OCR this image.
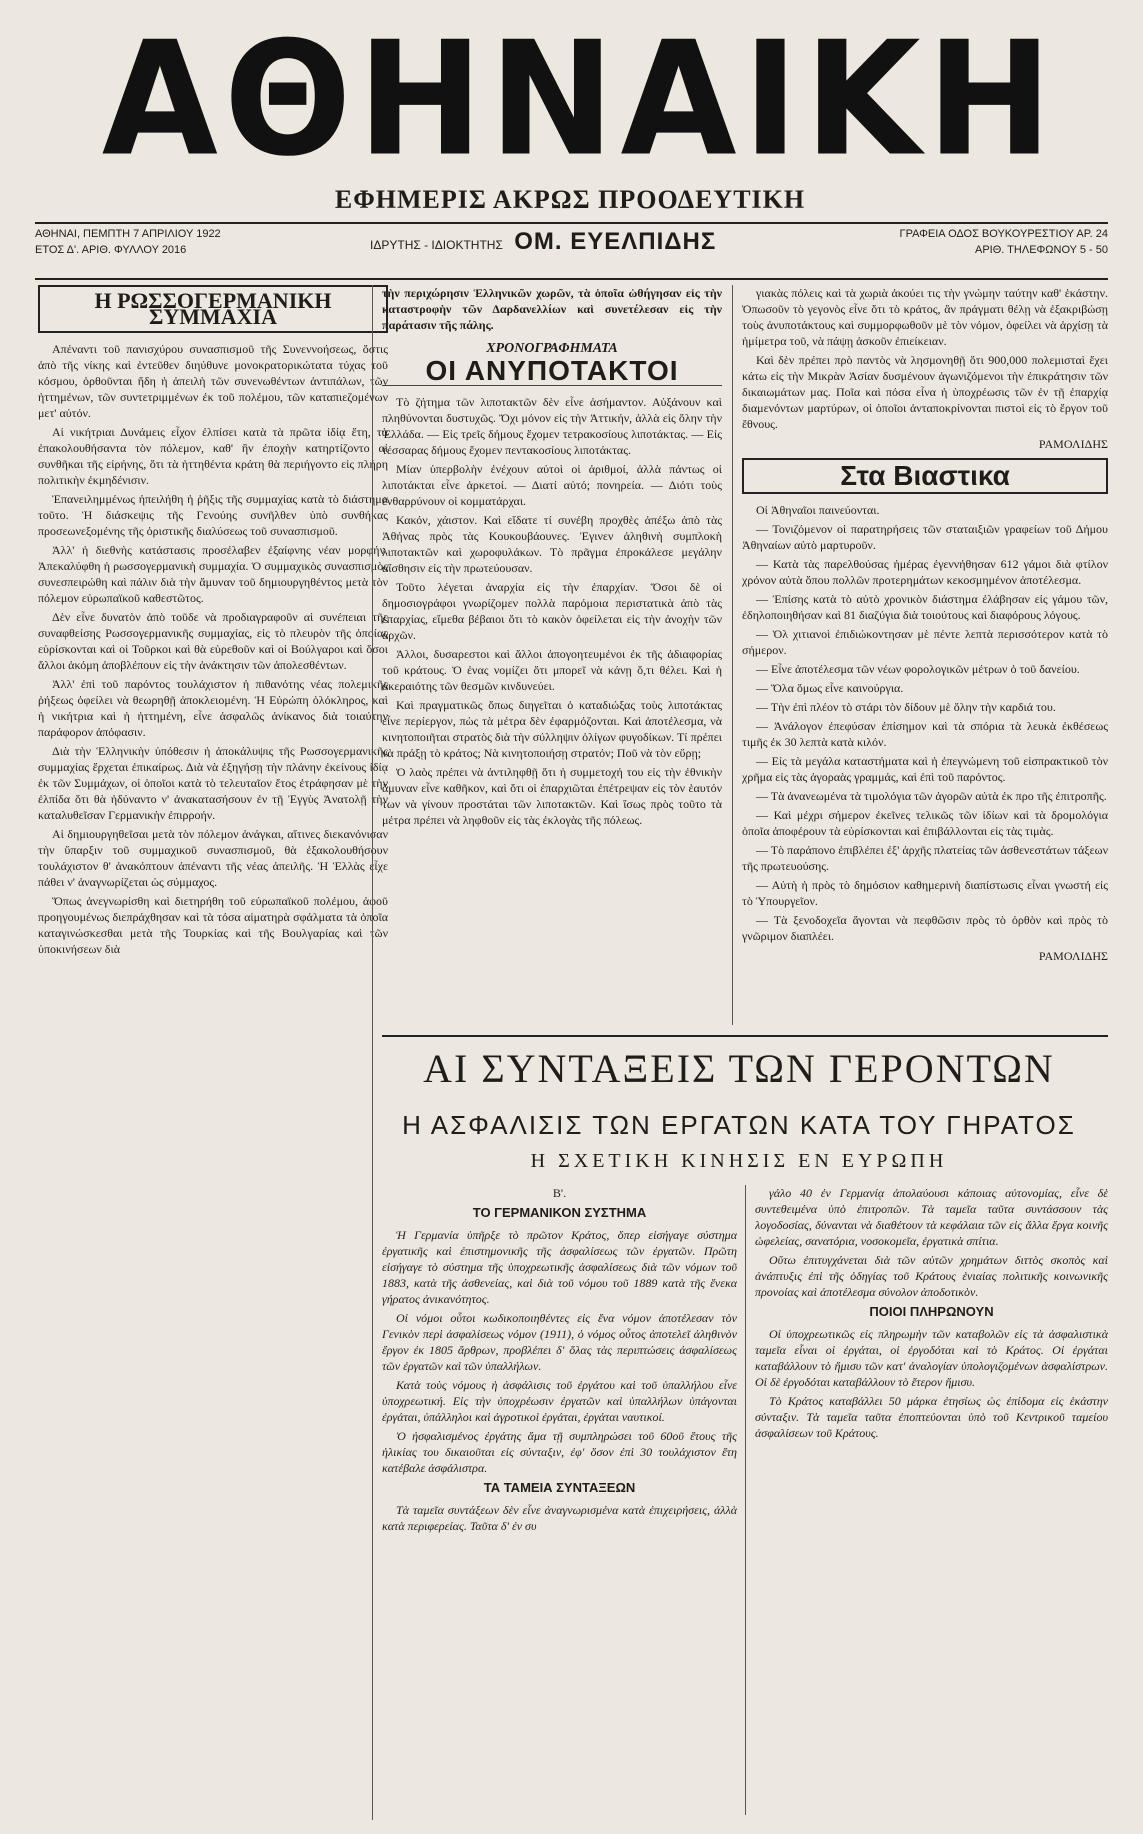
ΑΘΗΝΑΙΚΗ
ΕΦΗΜΕΡΙΣ ΑΚΡΩΣ ΠΡΟΟΔΕΥΤΙΚΗ
ΑΘΗΝΑΙ, ΠΕΜΠΤΗ 7 ΑΠΡΙΛΙΟΥ 1922
ΕΤΟΣ Δ'. ΑΡΙΘ. ΦΥΛΛΟΥ 2016	ΙΔΡΥΤΗΣ - ΙΔΙΟΚΤΗΤΗΣ ΟΜ. ΕΥΕΛΠΙΔΗΣ	ΓΡΑΦΕΙΑ ΟΔΟΣ ΒΟΥΚΟΥΡΕΣΤΙΟΥ ΑΡ. 24
ΑΡΙΘ. ΤΗΛΕΦΩΝΟΥ 5 - 50
Η ΡΩΣΣΟΓΕΡΜΑΝΙΚΗ ΣΥΜΜΑΧΙΑ

Απέναντι τοῦ πανισχύρου συνασπισμοῦ τῆς Συνεννοήσεως, ὅστις ἀπὸ τῆς νίκης καὶ ἐντεῦθεν διηύθυνε μονοκρατορικώτατα τύχας τοῦ κόσμου, ὀρθοῦνται ἤδη ἡ ἀπειλὴ τῶν συνενωθέντων ἀντιπάλων, τῶν ἡττημένων, τῶν συντετριμμένων ἐκ τοῦ πολέμου, τῶν καταπιεζομένων μετ' αὐτόν.

Αἱ νικήτριαι Δυνάμεις εἶχον ἐλπίσει κατὰ τὰ πρῶτα ἰδίᾳ ἔτη, τὰ ἐπακολουθήσαντα τὸν πόλεμον, καθ' ἣν ἐποχὴν κατηρτίζοντο αἱ συνθῆκαι τῆς εἰρήνης, ὅτι τὰ ἡττηθέντα κράτη θὰ περιήγοντο εἰς πλήρη πολιτικὴν ἐκμηδένισιν.

Ἐπανειλημμένως ἠπειλήθη ἡ ῥῆξις τῆς συμμαχίας κατὰ τὸ διάστημα τοῦτο. Ἡ διάσκεψις τῆς Γενούης συνῆλθεν ὑπὸ συνθήκας προσεωνεξομένης τῆς ὁριστικῆς διαλύσεως τοῦ συνασπισμοῦ.

Ἀλλ' ἡ διεθνὴς κατάστασις προσέλαβεν ἐξαίφνης νέαν μορφήν. Ἀπεκαλύφθη ἡ ρωσσογερμανικὴ συμμαχία. Ὁ συμμαχικὸς συνασπισμὸς συνεσπειρώθη καὶ πάλιν διὰ τὴν ἄμυναν τοῦ δημιουργηθέντος μετὰ τὸν πόλεμον εὐρωπαϊκοῦ καθεστῶτος.

Δὲν εἶνε δυνατὸν ἀπὸ τοῦδε νὰ προδιαγραφοῦν αἱ συνέπειαι τῆς συναφθείσης Ρωσσογερμανικῆς συμμαχίας, εἰς τὸ πλευρὸν τῆς ὁποίας εὑρίσκονται καὶ οἱ Τοῦρκοι καὶ θὰ εὑρεθοῦν καὶ οἱ Βούλγαροι καὶ ὅσοι ἄλλοι ἀκόμη ἀποβλέπουν εἰς τὴν ἀνάκτησιν τῶν ἀπολεσθέντων.

Ἀλλ' ἐπὶ τοῦ παρόντος τουλάχιστον ἡ πιθανότης νέας πολεμικῆς ῥήξεως ὀφείλει νὰ θεωρηθῇ ἀποκλειομένη. Ἡ Εὐρώπη ὁλόκληρος, καὶ ἡ νικήτρια καὶ ἡ ἡττημένη, εἶνε ἀσφαλῶς ἀνίκανος διὰ τοιαύτην παράφορον ἀπόφασιν.

Διὰ τὴν Ἑλληνικὴν ὑπόθεσιν ἡ ἀποκάλυψις τῆς Ρωσσογερμανικῆς συμμαχίας ἔρχεται ἐπικαίρως. Διὰ νὰ ἐξηγήσῃ τὴν πλάνην ἐκείνους ἰδίᾳ ἐκ τῶν Συμμάχων, οἱ ὁποῖοι κατὰ τὸ τελευταῖον ἔτος ἐτράφησαν μὲ τὴν ἐλπίδα ὅτι θὰ ἠδύναντο ν' ἀνακατασήσουν ἐν τῇ Ἐγγὺς Ἀνατολῇ τὴν καταλυθεῖσαν Γερμανικὴν ἐπιρροήν.

Αἱ δημιουργηθεῖσαι μετὰ τὸν πόλεμον ἀνάγκαι, αἵτινες διεκανόνισαν τὴν ὕπαρξιν τοῦ συμμαχικοῦ συνασπισμοῦ, θὰ ἐξακολουθήσουν τουλάχιστον θ' ἀνακόπτουν ἀπέναντι τῆς νέας ἀπειλῆς. Ἡ Ἑλλὰς εἶχε πάθει ν' ἀναγνωρίζεται ὡς σύμμαχος.

Ὅπως ἀνεγνωρίσθη καὶ διετηρήθη τοῦ εὐρωπαϊκοῦ πολέμου, ἀφοῦ προηγουμένως διεπράχθησαν καὶ τὰ τόσα αἱματηρὰ σφάλματα τὰ ὁποῖα καταγινώσκεσθαι μετὰ τῆς Τουρκίας καὶ τῆς Βουλγαρίας καὶ τῶν ὑποκινήσεων διὰ

τὴν περιχώρησιν Ἑλληνικῶν χωρῶν, τὰ ὁποῖα ὡθήγησαν εἰς τὴν καταστροφὴν τῶν Δαρδανελλίων καὶ συνετέλεσαν εἰς τὴν παράτασιν τῆς πάλης.

ΧΡΟΝΟΓΡΑΦΗΜΑΤΑ
ΟΙ ΑΝΥΠΟΤΑΚΤΟΙ

Τὸ ζήτημα τῶν λιποτακτῶν δὲν εἶνε ἀσήμαντον. Αὐξάνουν καὶ πληθύνονται δυστυχῶς. Ὄχι μόνον εἰς τὴν Ἀττικήν, ἀλλὰ εἰς ὅλην τὴν Ἑλλάδα. — Εἰς τρεῖς δήμους ἔχομεν τετρακοσίους λιποτάκτας. — Εἰς τέσσαρας δήμους ἔχομεν πεντακοσίους λιποτάκτας.

Μίαν ὑπερβολὴν ἐνέχουν αὐτοὶ οἱ ἀριθμοί, ἀλλὰ πάντως οἱ λιποτάκται εἶνε ἀρκετοί. — Διατί αὐτό; πονηρεία. — Διότι τοὺς ἐνθαρρύνουν οἱ κομματάρχαι.

Κακόν, χάιστον. Καὶ εἴδατε τί συνέβη προχθὲς ἀπέξω ἀπὸ τὰς Ἀθήνας πρὸς τὰς Κουκουβάουνες. Ἐγινεν ἀληθινὴ συμπλοκὴ λιποτακτῶν καὶ χωροφυλάκων. Τὸ πρᾶγμα ἐπροκάλεσε μεγάλην αἴσθησιν εἰς τὴν πρωτεύουσαν.

Τοῦτο λέγεται ἀναρχία εἰς τὴν ἐπαρχίαν. Ὅσοι δὲ οἱ δημοσιογράφοι γνωρίζομεν πολλὰ παρόμοια περιστατικὰ ἀπὸ τὰς ἐπαρχίας, εἴμεθα βέβαιοι ὅτι τὸ κακὸν ὀφείλεται εἰς τὴν ἀνοχὴν τῶν ἀρχῶν.

Ἀλλοι, δυσαρεστοι καὶ ἄλλοι ἀπογοητευμένοι ἐκ τῆς ἀδιαφορίας τοῦ κράτους. Ὁ ἐνας νομίζει ὅτι μπορεῖ νὰ κάνῃ ὅ,τι θέλει. Καὶ ἡ ἀκεραιότης τῶν θεσμῶν κινδυνεύει.

Καὶ πραγματικῶς ὅπως διηγεῖται ὁ καταδιώξας τοὺς λιποτάκτας εἶνε περίεργον, πὼς τὰ μέτρα δὲν ἐφαρμόζονται. Καὶ ἀποτέλεσμα, νὰ κινητοποιῆται στρατὸς διὰ τὴν σύλληψιν ὀλίγων φυγοδίκων. Τί πρέπει νὰ πράξῃ τὸ κράτος; Νὰ κινητοποιήσῃ στρατόν; Ποῦ νὰ τὸν εὕρῃ;

Ὁ λαὸς πρέπει νὰ ἀντιληφθῇ ὅτι ἡ συμμετοχή του εἰς τὴν ἐθνικὴν ἄμυναν εἶνε καθῆκον, καὶ ὅτι οἱ ἐπαρχιῶται ἐπέτρεψαν εἰς τὸν ἑαυτόν των νὰ γίνουν προστάται τῶν λιποτακτῶν. Καὶ ἴσως πρὸς τοῦτο τὰ μέτρα πρέπει νὰ ληφθοῦν εἰς τὰς ἐκλογὰς τῆς πόλεως.

γιακὰς πόλεις καὶ τὰ χωριὰ ἀκούει τις τὴν γνώμην ταύτην καθ' ἑκάστην. Ὁπωσοῦν τὸ γεγονὸς εἶνε ὅτι τὸ κράτος, ἂν πράγματι θέλῃ νὰ ἐξακριβώσῃ τοὺς ἀνυποτάκτους καὶ συμμορφωθοῦν μὲ τὸν νόμον, ὀφείλει νὰ ἀρχίσῃ τὰ ἡμίμετρα τοῦ, νὰ πάψῃ ἀσκοῦν ἐπιείκειαν.

Καὶ δὲν πρέπει πρὸ παντὸς νὰ λησμονηθῇ ὅτι 900,000 πολεμισταὶ ἔχει κάτω εἰς τὴν Μικρὰν Ἀσίαν δυσμένουν ἀγωνιζόμενοι τὴν ἐπικράτησιν τῶν δικαιωμάτων μας. Ποῖα καὶ πόσα εἶνα ἡ ὑποχρέωσις τῶν ἐν τῇ ἐπαρχίᾳ διαμενόντων μαρτύρων, οἱ ὁποῖοι ἀνταποκρίνονται πιστοὶ εἰς τὸ ἔργον τοῦ ἔθνους.

ΡΑΜΟΛΙΔΗΣ
Στα Βιαστικα

Οἱ Ἀθηναῖοι παινεύονται.

— Τονιζόμενον οἱ παρατηρήσεις τῶν σταταιξιῶν γραφείων τοῦ Δήμου Ἀθηναίων αὐτὸ μαρτυροῦν.

— Κατὰ τὰς παρελθούσας ἡμέρας ἐγεννήθησαν 612 γάμοι διὰ φτίλον χρόνον αὐτὰ ὅπου πολλῶν προτερημάτων κεκοσμημένον ἀποτέλεσμα.

— Ἐπίσης κατὰ τὸ αὐτὸ χρονικὸν διάστημα ἐλάβησαν εἰς γάμου τῶν, ἐδηλοποιηθήσαν καὶ 81 διαζύγια διὰ τοιούτους καὶ διαφόρους λόγους.

— Ὁλ χιτιανοὶ ἐπιδιώκοντησαν μὲ πέντε λεπτὰ περισσότερον κατὰ τὸ σήμερον.

— Εἶνε ἀποτέλεσμα τῶν νέων φορολογικῶν μέτρων ὁ τοῦ δανείου.

— Ὅλα ὅμως εἶνε καινούργια.

— Τὴν ἐπὶ πλέον τὸ στάρι τὸν δίδουν μὲ ὅλην τὴν καρδιά του.

— Ἀνάλογον ἐπεφύσαν ἐπίσημον καὶ τὰ σπόρια τὰ λευκὰ ἐκθέσεως τιμῆς ἐκ 30 λεπτὰ κατὰ κιλόν.

— Εἰς τὰ μεγάλα καταστήματα καὶ ἡ ἐπεγνώμενη τοῦ εἰσπρακτικοῦ τὸν χρῆμα εἰς τὰς ἀγοραὰς γραμμάς, καὶ ἐπὶ τοῦ παρόντος.

— Τὰ ἀνανεωμένα τὰ τιμολόγια τῶν ἀγορῶν αὐτὰ ἐκ προ τῆς ἐπιτροπῆς.

— Καὶ μέχρι σήμερον ἐκεῖνες τελικῶς τῶν ἰδίων καὶ τὰ δρομολόγια ὁποῖα ἀποφέρουν τὰ εὐρίσκονται καὶ ἐπιβάλλονται εἰς τὰς τιμὰς.

— Τὸ παράπονο ἐπιβλέπει ἐξ' ἀρχῆς πλατείας τῶν ἀσθενεστάτων τάξεων τῆς πρωτευούσης.

— Αὐτὴ ἡ πρὸς τὸ δημόσιον καθημερινὴ διαπίστωσις εἶναι γνωστή εἰς τὸ Ὑπουργεῖον.

— Τὰ ξενοδοχεῖα ἄγονται νὰ πεφθῶσιν πρὸς τὸ ὀρθὸν καὶ πρὸς τὸ γνῶριμον διαπλέει.

ΡΑΜΟΛΙΔΗΣ
ΑΙ ΣΥΝΤΑΞΕΙΣ ΤΩΝ ΓΕΡΟΝΤΩΝ
Η ΑΣΦΑΛΙΣΙΣ ΤΩΝ ΕΡΓΑΤΩΝ ΚΑΤΑ ΤΟΥ ΓΗΡΑΤΟΣ
Η ΣΧΕΤΙΚΗ ΚΙΝΗΣΙΣ ΕΝ ΕΥΡΩΠΗ
Β'.
ΤΟ ΓΕΡΜΑΝΙΚΟΝ ΣΥΣΤΗΜΑ

Ἡ Γερμανία ὑπῆρξε τὸ πρῶτον Κράτος, ὅπερ εἰσήγαγε σύστημα ἐργατικῆς καὶ ἐπιστημονικῆς τῆς ἀσφαλίσεως τῶν ἐργατῶν. Πρῶτη εἰσήγαγε τὸ σύστημα τῆς ὑποχρεωτικῆς ἀσφαλίσεως διὰ τῶν νόμων τοῦ 1883, κατὰ τῆς ἀσθενείας, καὶ διὰ τοῦ νόμου τοῦ 1889 κατὰ τῆς ἕνεκα γήρατος ἀνικανότητος.

Οἱ νόμοι οὗτοι κωδικοποιηθέντες εἰς ἕνα νόμον ἀποτέλεσαν τὸν Γενικὸν περὶ ἀσφαλίσεως νόμον (1911), ὁ νόμος οὗτος ἀποτελεῖ ἀληθινὸν ἔργον ἐκ 1805 ἄρθρων, προβλέπει δ' ὅλας τὰς περιπτώσεις ἀσφαλίσεως τῶν ἐργατῶν καὶ τῶν ὑπαλλήλων.

Κατὰ τοὺς νόμους ἡ ἀσφάλισις τοῦ ἐργάτου καὶ τοῦ ὑπαλλήλου εἶνε ὑποχρεωτική. Εἰς τὴν ὑποχρέωσιν ἐργατῶν καὶ ὑπαλλήλων ὑπάγονται ἐργάται, ὑπάλληλοι καὶ ἀγροτικοὶ ἐργάται, ἐργάται ναυτικοί.

Ὁ ἠσφαλισμένος ἐργάτης ἅμα τῇ συμπληρώσει τοῦ 60οῦ ἔτους τῆς ἡλικίας του δικαιοῦται εἰς σύνταξιν, ἐφ' ὅσον ἐπὶ 30 τουλάχιστον ἔτη κατέβαλε ἀσφάλιστρα.

ΤΑ ΤΑΜΕΙΑ ΣΥΝΤΑΞΕΩΝ

Τὰ ταμεῖα συντάξεων δὲν εἶνε ἀναγνωρισμένα κατὰ ἐπιχειρήσεις, ἀλλὰ κατὰ περιφερείας. Ταῦτα δ' ἐν συ

γάλο 40 ἐν Γερμανίᾳ ἀπολαύουσι κάποιας αὐτονομίας, εἶνε δὲ συντεθειμένα ὑπὸ ἐπιτροπῶν. Τὰ ταμεῖα ταῦτα συντάσσουν τὰς λογοδοσίας, δύνανται νὰ διαθέτουν τὰ κεφάλαια τῶν εἰς ἄλλα ἔργα κοινῆς ὠφελείας, σανατόρια, νοσοκομεῖα, ἐργατικὰ σπίτια.

Οὕτω ἐπιτυγχάνεται διὰ τῶν αὐτῶν χρημάτων διττὸς σκοπὸς καὶ ἀνάπτυξις ἐπὶ τῆς ὁδηγίας τοῦ Κράτους ἑνιαίας πολιτικῆς κοινωνικῆς προνοίας καὶ ἀποτέλεσμα σύνολον ἀποδοτικὸν.

ΠΟΙΟΙ ΠΛΗΡΩΝΟΥΝ

Οἱ ὑποχρεωτικῶς εἰς πληρωμὴν τῶν καταβολῶν εἰς τὰ ἀσφαλιστικὰ ταμεῖα εἶναι οἱ ἐργάται, οἱ ἐργοδόται καὶ τὸ Κράτος. Οἱ ἐργάται καταβάλλουν τὸ ἥμισυ τῶν κατ' ἀναλογίαν ὑπολογιζομένων ἀσφαλίστρων. Οἱ δὲ ἐργοδόται καταβάλλουν τὸ ἕτερον ἥμισυ.

Τὸ Κράτος καταβάλλει 50 μάρκα ἐτησίως ὡς ἐπίδομα εἰς ἑκάστην σύνταξιν. Τὰ ταμεῖα ταῦτα ἐποπτεύονται ὑπὸ τοῦ Κεντρικοῦ ταμείου ἀσφαλίσεων τοῦ Κράτους.
